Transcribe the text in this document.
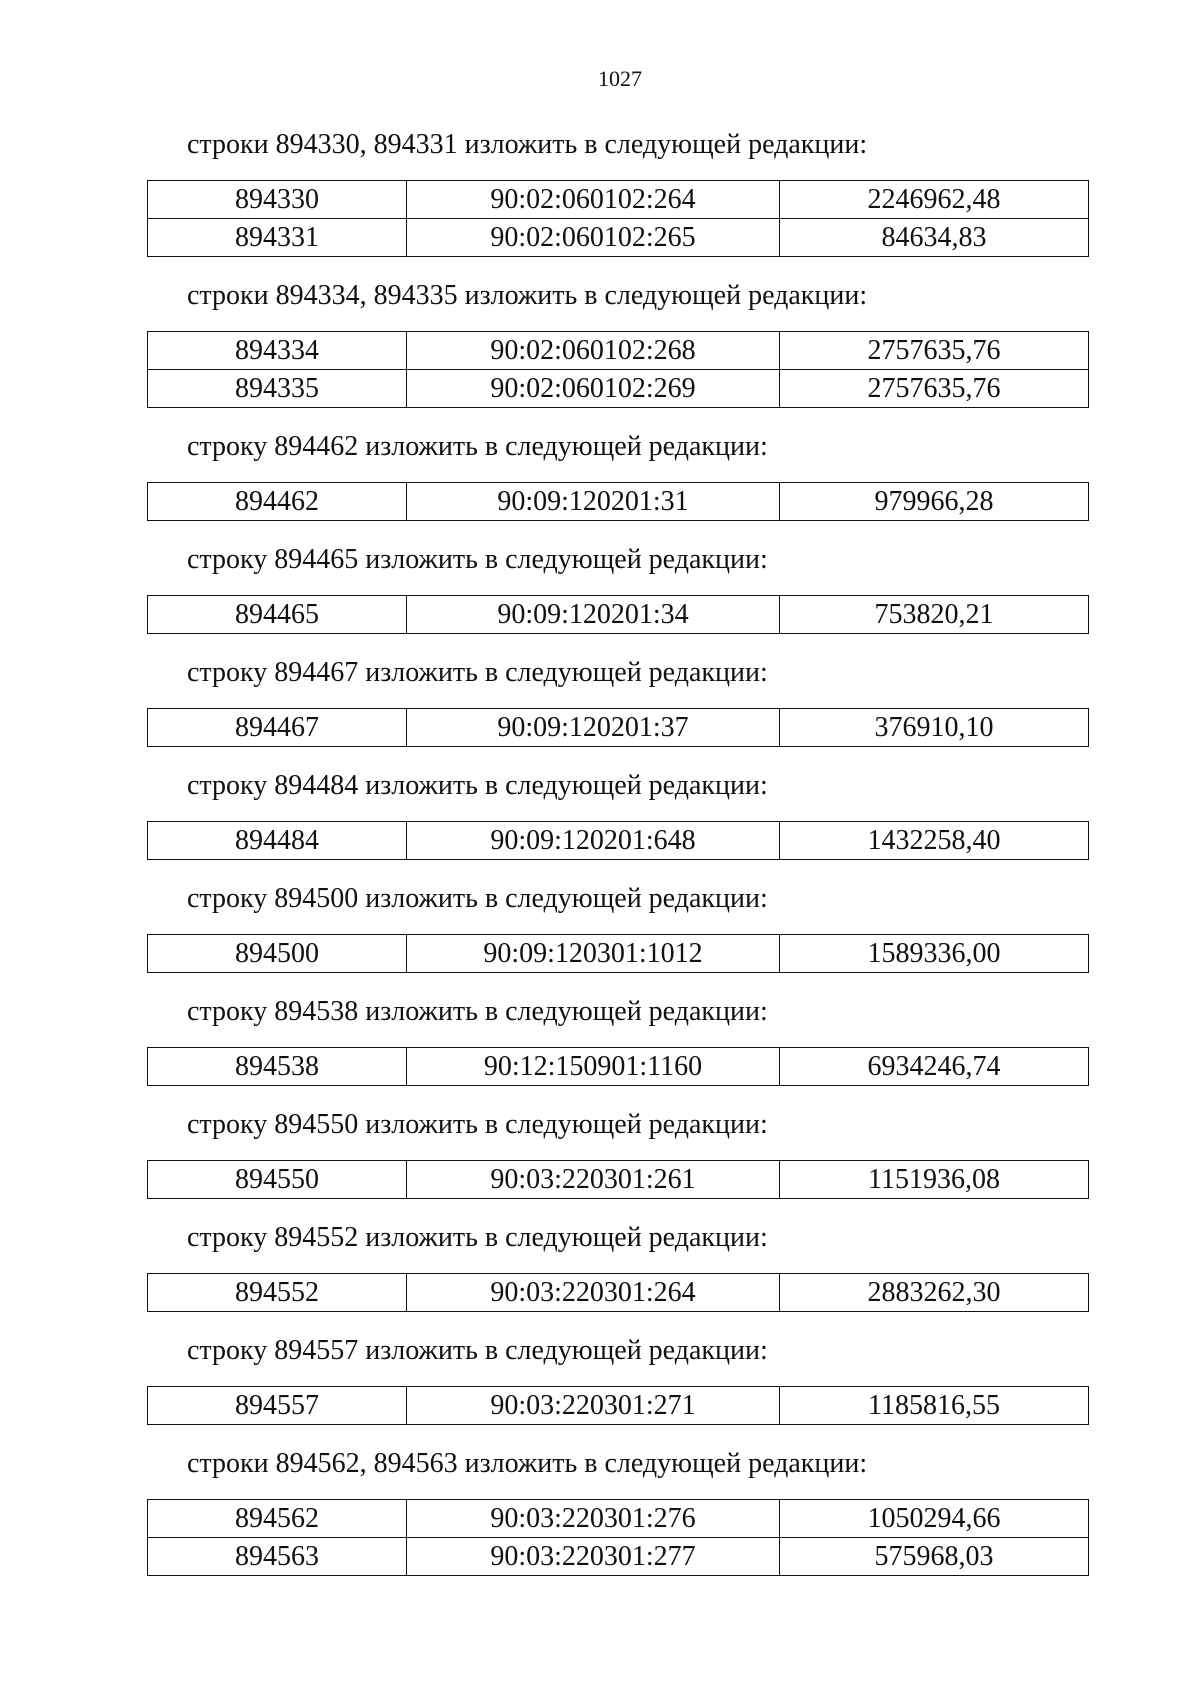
1027
строки 894330, 894331 изложить в следующей редакции:
894330	90:02:060102:264	2246962,48
894331	90:02:060102:265	84634,83
строки 894334, 894335 изложить в следующей редакции:
894334	90:02:060102:268	2757635,76
894335	90:02:060102:269	2757635,76
строку 894462 изложить в следующей редакции:
894462	90:09:120201:31	979966,28
строку 894465 изложить в следующей редакции:
894465	90:09:120201:34	753820,21
строку 894467 изложить в следующей редакции:
894467	90:09:120201:37	376910,10
строку 894484 изложить в следующей редакции:
894484	90:09:120201:648	1432258,40
строку 894500 изложить в следующей редакции:
894500	90:09:120301:1012	1589336,00
строку 894538 изложить в следующей редакции:
894538	90:12:150901:1160	6934246,74
строку 894550 изложить в следующей редакции:
894550	90:03:220301:261	1151936,08
строку 894552 изложить в следующей редакции:
894552	90:03:220301:264	2883262,30
строку 894557 изложить в следующей редакции:
894557	90:03:220301:271	1185816,55
строки 894562, 894563 изложить в следующей редакции:
894562	90:03:220301:276	1050294,66
894563	90:03:220301:277	575968,03
